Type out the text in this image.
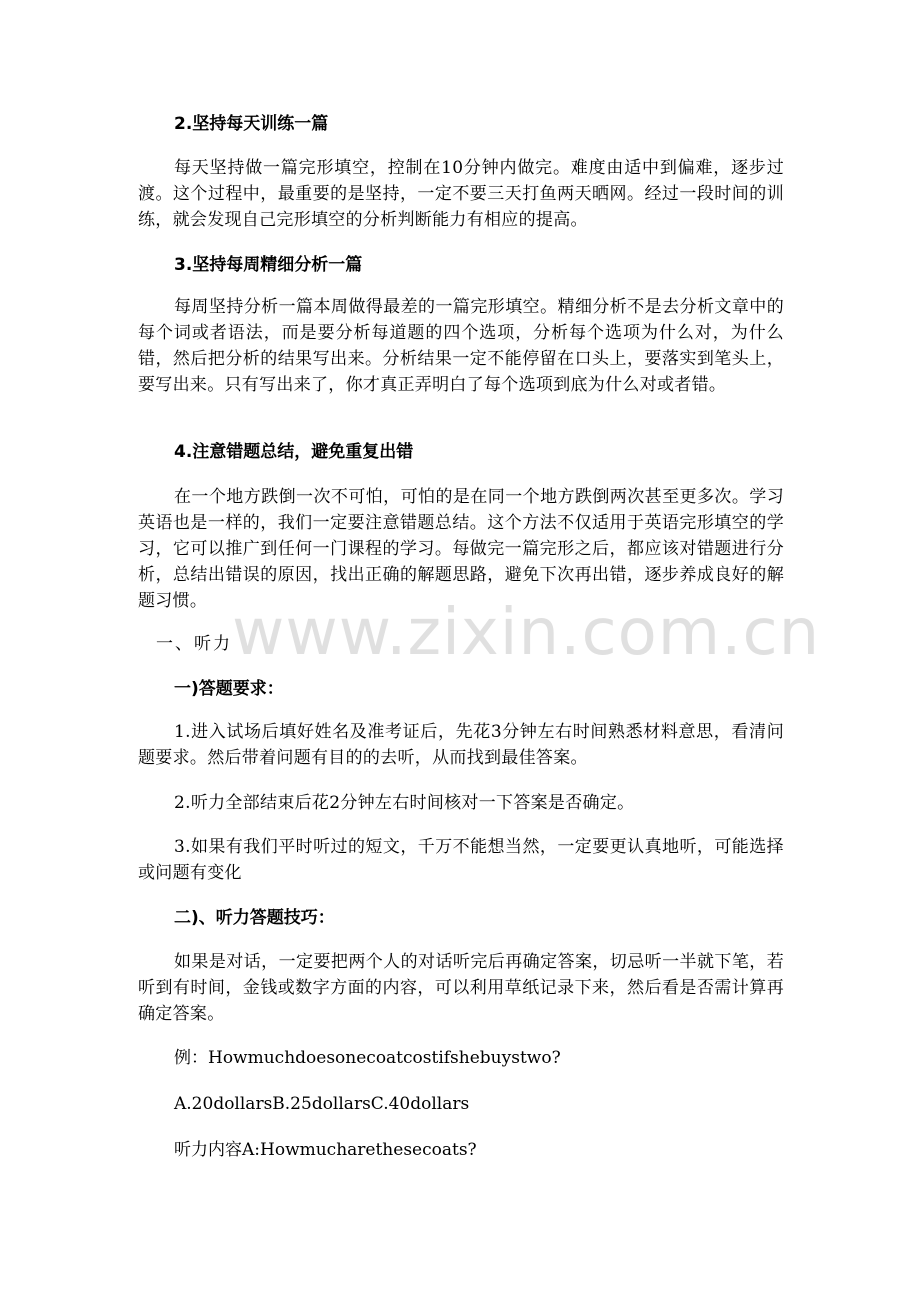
2.坚持每天训练一篇

每天坚持做一篇完形填空，控制在10分钟内做完。难度由适中到偏难，逐步过渡。这个过程中，最重要的是坚持，一定不要三天打鱼两天晒网。经过一段时间的训练，就会发现自己完形填空的分析判断能力有相应的提高。

3.坚持每周精细分析一篇

每周坚持分析一篇本周做得最差的一篇完形填空。精细分析不是去分析文章中的每个词或者语法，而是要分析每道题的四个选项，分析每个选项为什么对，为什么错，然后把分析的结果写出来。分析结果一定不能停留在口头上，要落实到笔头上，要写出来。只有写出来了，你才真正弄明白了每个选项到底为什么对或者错。

4.注意错题总结，避免重复出错

在一个地方跌倒一次不可怕，可怕的是在同一个地方跌倒两次甚至更多次。学习英语也是一样的，我们一定要注意错题总结。这个方法不仅适用于英语完形填空的学习，它可以推广到任何一门课程的学习。每做完一篇完形之后，都应该对错题进行分析，总结出错误的原因，找出正确的解题思路，避免下次再出错，逐步养成良好的解题习惯。

一、听力

一)答题要求：

1.进入试场后填好姓名及准考证后，先花3分钟左右时间熟悉材料意思，看清问题要求。然后带着问题有目的的去听，从而找到最佳答案。

2.听力全部结束后花2分钟左右时间核对一下答案是否确定。

3.如果有我们平时听过的短文，千万不能想当然，一定要更认真地听，可能选择或问题有变化

二)、听力答题技巧：

如果是对话，一定要把两个人的对话听完后再确定答案，切忌听一半就下笔，若听到有时间，金钱或数字方面的内容，可以利用草纸记录下来，然后看是否需计算再确定答案。

例：Howmuchdoesonecoatcostifshebuystwo?

A.20dollarsB.25dollarsC.40dollars

听力内容A:Howmucharethesecoats?

www.zixin.com.cn
